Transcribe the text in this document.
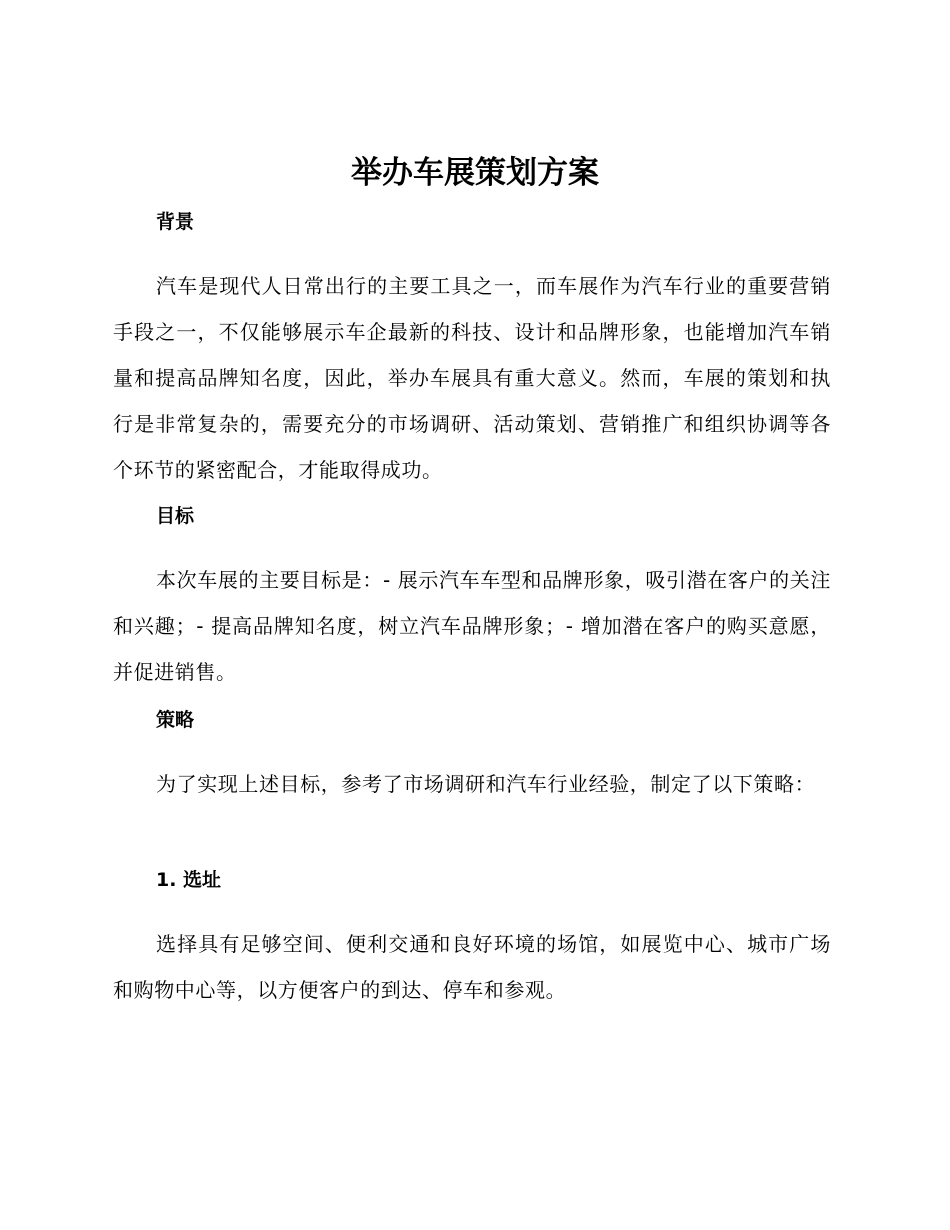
举办车展策划方案
背景

汽车是现代人日常出行的主要工具之一，而车展作为汽车行业的重要营销手段之一，不仅能够展示车企最新的科技、设计和品牌形象，也能增加汽车销量和提高品牌知名度，因此，举办车展具有重大意义。然而，车展的策划和执行是非常复杂的，需要充分的市场调研、活动策划、营销推广和组织协调等各个环节的紧密配合，才能取得成功。

目标

本次车展的主要目标是：- 展示汽车车型和品牌形象，吸引潜在客户的关注和兴趣；- 提高品牌知名度，树立汽车品牌形象；- 增加潜在客户的购买意愿，并促进销售。

策略

为了实现上述目标，参考了市场调研和汽车行业经验，制定了以下策略：

1. 选址

选择具有足够空间、便利交通和良好环境的场馆，如展览中心、城市广场和购物中心等，以方便客户的到达、停车和参观。
